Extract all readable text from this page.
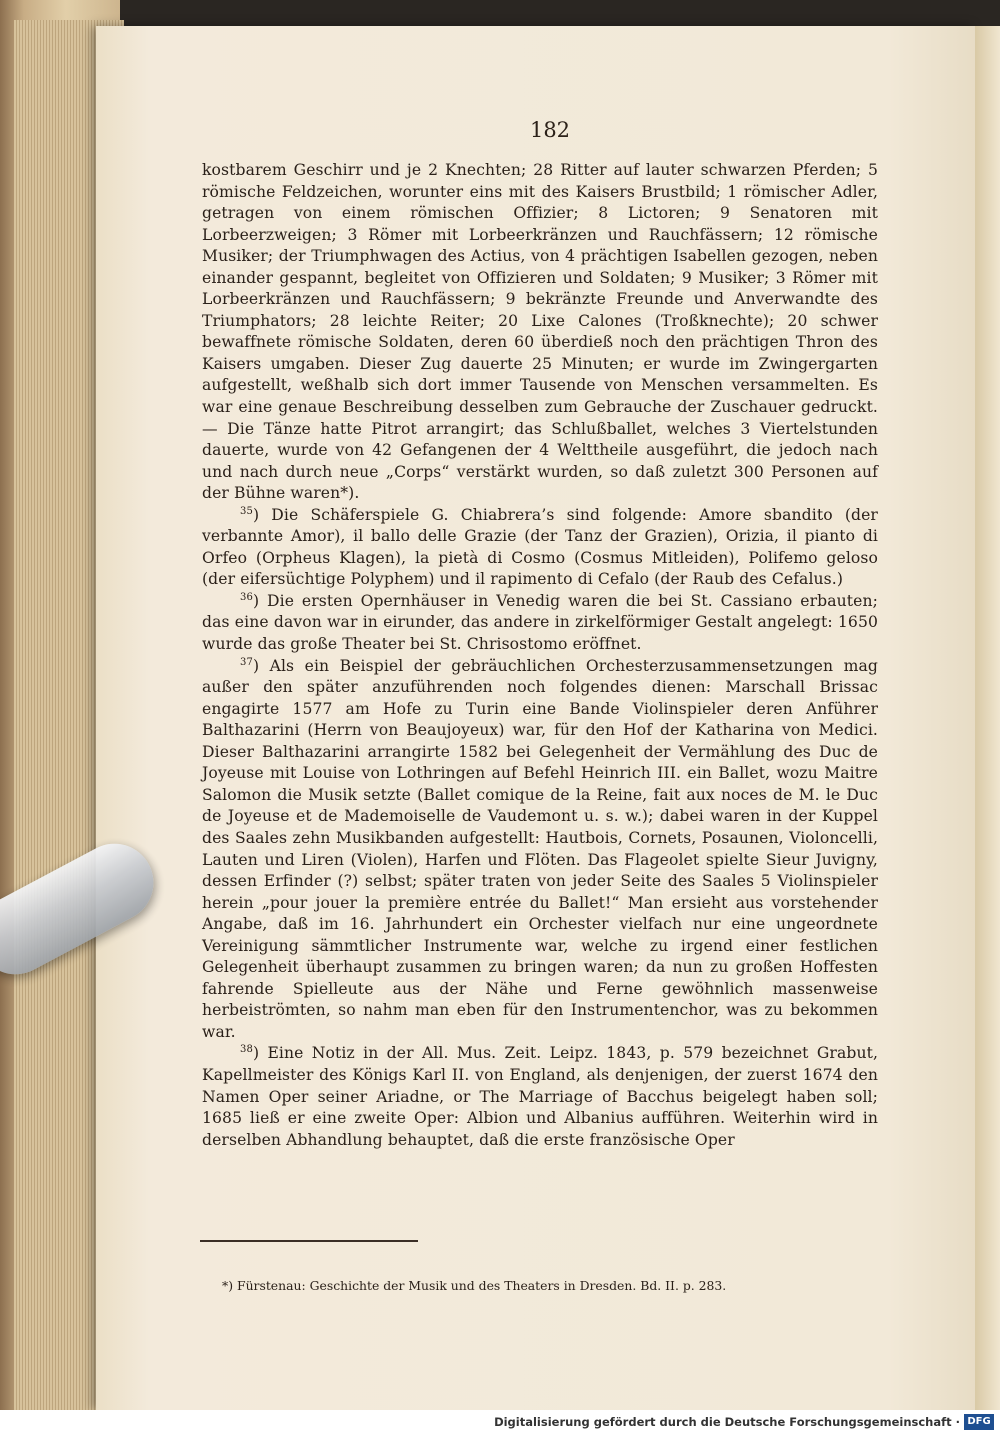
182

kostbarem Geschirr und je 2 Knechten; 28 Ritter auf lauter schwarzen Pferden; 5 römische Feldzeichen, worunter eins mit des Kaisers Brustbild; 1 römischer Adler, getragen von einem römischen Offizier; 8 Lictoren; 9 Senatoren mit Lorbeerzweigen; 3 Römer mit Lorbeerkränzen und Rauchfässern; 12 römische Musiker; der Triumphwagen des Actius, von 4 prächtigen Isabellen gezogen, neben einander gespannt, begleitet von Offizieren und Soldaten; 9 Musiker; 3 Römer mit Lorbeerkränzen und Rauchfässern; 9 bekränzte Freunde und Anverwandte des Triumphators; 28 leichte Reiter; 20 Lixe Calones (Troßknechte); 20 schwer bewaffnete römische Soldaten, deren 60 überdieß noch den prächtigen Thron des Kaisers umgaben. Dieser Zug dauerte 25 Minuten; er wurde im Zwingergarten aufgestellt, weßhalb sich dort immer Tausende von Menschen versammelten. Es war eine genaue Beschreibung desselben zum Gebrauche der Zuschauer gedruckt. — Die Tänze hatte Pitrot arrangirt; das Schlußballet, welches 3 Viertelstunden dauerte, wurde von 42 Gefangenen der 4 Welttheile ausgeführt, die jedoch nach und nach durch neue „Corps“ verstärkt wurden, so daß zuletzt 300 Personen auf der Bühne waren*).

$^{35}$) Die Schäferspiele G. Chiabrera’s sind folgende: Amore sbandito (der verbannte Amor), il ballo delle Grazie (der Tanz der Grazien), Orizia, il pianto di Orfeo (Orpheus Klagen), la pietà di Cosmo (Cosmus Mitleiden), Polifemo geloso (der eifersüchtige Polyphem) und il rapimento di Cefalo (der Raub des Cefalus.)

$^{36}$) Die ersten Opernhäuser in Venedig waren die bei St. Cassiano erbauten; das eine davon war in eirunder, das andere in zirkelförmiger Gestalt angelegt: 1650 wurde das große Theater bei St. Chrisostomo eröffnet.

$^{37}$) Als ein Beispiel der gebräuchlichen Orchesterzusammensetzungen mag außer den später anzuführenden noch folgendes dienen: Marschall Brissac engagirte 1577 am Hofe zu Turin eine Bande Violinspieler deren Anführer Balthazarini (Herrn von Beaujoyeux) war, für den Hof der Katharina von Medici. Dieser Balthazarini arrangirte 1582 bei Gelegenheit der Vermählung des Duc de Joyeuse mit Louise von Lothringen auf Befehl Heinrich III. ein Ballet, wozu Maitre Salomon die Musik setzte (Ballet comique de la Reine, fait aux noces de M. le Duc de Joyeuse et de Mademoiselle de Vaudemont u. s. w.); dabei waren in der Kuppel des Saales zehn Musikbanden aufgestellt: Hautbois, Cornets, Posaunen, Violoncelli, Lauten und Liren (Violen), Harfen und Flöten. Das Flageolet spielte Sieur Juvigny, dessen Erfinder (?) selbst; später traten von jeder Seite des Saales 5 Violinspieler herein „pour jouer la première entrée du Ballet!“ Man ersieht aus vorstehender Angabe, daß im 16. Jahrhundert ein Orchester vielfach nur eine ungeordnete Vereinigung sämmtlicher Instrumente war, welche zu irgend einer festlichen Gelegenheit überhaupt zusammen zu bringen waren; da nun zu großen Hoffesten fahrende Spielleute aus der Nähe und Ferne gewöhnlich massenweise herbeiströmten, so nahm man eben für den Instrumentenchor, was zu bekommen war.

$^{38}$) Eine Notiz in der All. Mus. Zeit. Leipz. 1843, p. 579 bezeichnet Grabut, Kapellmeister des Königs Karl II. von England, als denjenigen, der zuerst 1674 den Namen Oper seiner Ariadne, or The Marriage of Bacchus beigelegt haben soll; 1685 ließ er eine zweite Oper: Albion und Albanius aufführen. Weiterhin wird in derselben Abhandlung behauptet, daß die erste französische Oper

*) Fürstenau: Geschichte der Musik und des Theaters in Dresden. Bd. II. p. 283.
Digitalisierung gefördert durch die Deutsche Forschungsgemeinschaft · DFG
